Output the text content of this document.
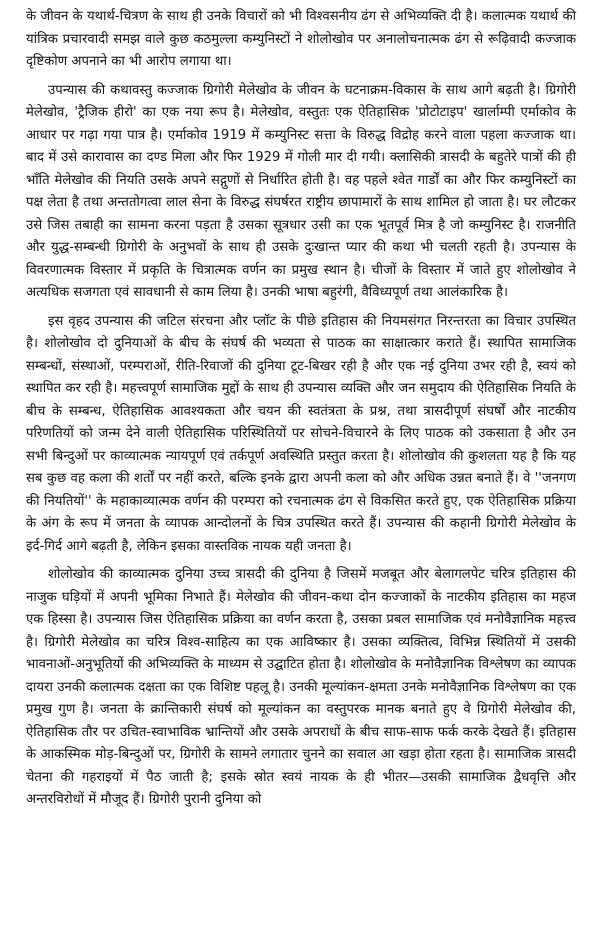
के जीवन के यथार्थ-चित्रण के साथ ही उनके विचारों को भी विश्वसनीय ढंग से अभिव्यक्ति दी है। कलात्मक यथार्थ की यांत्रिक प्रचारवादी समझ वाले कुछ कठमुल्ला कम्युनिस्टों ने शोलोखोव पर अनालोचनात्मक ढंग से रूढ़िवादी कज्जाक दृष्टिकोण अपनाने का भी आरोप लगाया था।

उपन्यास की कथावस्तु कज्जाक ग्रिगोरी मेलेखोव के जीवन के घटनाक्रम-विकास के साथ आगे बढ़ती है। ग्रिगोरी मेलेखोव, 'ट्रैजिक हीरो' का एक नया रूप है। मेलेखोव, वस्तुतः एक ऐतिहासिक 'प्रोटोटाइप' खार्लाम्पी एर्माकोव के आधार पर गढ़ा गया पात्र है। एर्माकोव 1919 में कम्युनिस्ट सत्ता के विरुद्ध विद्रोह करने वाला पहला कज्जाक था। बाद में उसे कारावास का दण्ड मिला और फिर 1929 में गोली मार दी गयी। क्लासिकी त्रासदी के बहुतेरे पात्रों की ही भाँति मेलेखोव की नियति उसके अपने सद्गुणों से निर्धारित होती है। वह पहले श्वेत गार्डों का और फिर कम्युनिस्टों का पक्ष लेता है तथा अन्ततोगत्वा लाल सेना के विरुद्ध संघर्षरत राष्ट्रीय छापामारों के साथ शामिल हो जाता है। घर लौटकर उसे जिस तबाही का सामना करना पड़ता है उसका सूत्रधार उसी का एक भूतपूर्व मित्र है जो कम्युनिस्ट है। राजनीति और युद्ध-सम्बन्धी ग्रिगोरी के अनुभवों के साथ ही उसके दुःखान्त प्यार की कथा भी चलती रहती है। उपन्यास के विवरणात्मक विस्तार में प्रकृति के चित्रात्मक वर्णन का प्रमुख स्थान है। चीजों के विस्तार में जाते हुए शोलोखोव ने अत्यधिक सजगता एवं सावधानी से काम लिया है। उनकी भाषा बहुरंगी, वैविध्यपूर्ण तथा आलंकारिक है।

इस वृहद उपन्यास की जटिल संरचना और प्लॉट के पीछे इतिहास की नियमसंगत निरन्तरता का विचार उपस्थित है। शोलोखोव दो दुनियाओं के बीच के संघर्ष की भव्यता से पाठक का साक्षात्कार कराते हैं। स्थापित सामाजिक सम्बन्धों, संस्थाओं, परम्पराओं, रीति-रिवाजों की दुनिया टूट-बिखर रही है और एक नई दुनिया उभर रही है, स्वयं को स्थापित कर रही है। महत्त्वपूर्ण सामाजिक मुद्दों के साथ ही उपन्यास व्यक्ति और जन समुदाय की ऐतिहासिक नियति के बीच के सम्बन्ध, ऐतिहासिक आवश्यकता और चयन की स्वतंत्रता के प्रश्न, तथा त्रासदीपूर्ण संघर्षों और नाटकीय परिणतियों को जन्म देने वाली ऐतिहासिक परिस्थितियों पर सोचने-विचारने के लिए पाठक को उकसाता है और उन सभी बिन्दुओं पर काव्यात्मक न्यायपूर्ण एवं तर्कपूर्ण अवस्थिति प्रस्तुत करता है। शोलोखोव की कुशलता यह है कि यह सब कुछ वह कला की शर्तों पर नहीं करते, बल्कि इनके द्वारा अपनी कला को और अधिक उन्नत बनाते हैं। वे ''जनगण की नियतियों'' के महाकाव्यात्मक वर्णन की परम्परा को रचनात्मक ढंग से विकसित करते हुए, एक ऐतिहासिक प्रक्रिया के अंग के रूप में जनता के व्यापक आन्दोलनों के चित्र उपस्थित करते हैं। उपन्यास की कहानी ग्रिगोरी मेलेखोव के इर्द-गिर्द आगे बढ़ती है, लेकिन इसका वास्तविक नायक यही जनता है।

शोलोखोव की काव्यात्मक दुनिया उच्च त्रासदी की दुनिया है जिसमें मजबूत और बेलागलपेट चरित्र इतिहास की नाजुक घड़ियों में अपनी भूमिका निभाते हैं। मेलेखोव की जीवन-कथा दोन कज्जाकों के नाटकीय इतिहास का महज एक हिस्सा है। उपन्यास जिस ऐतिहासिक प्रक्रिया का वर्णन करता है, उसका प्रबल सामाजिक एवं मनोवैज्ञानिक महत्त्व है। ग्रिगोरी मेलेखोव का चरित्र विश्व-साहित्य का एक आविष्कार है। उसका व्यक्तित्व, विभिन्न स्थितियों में उसकी भावनाओं-अनुभूतियों की अभिव्यक्ति के माध्यम से उद्घाटित होता है। शोलोखोव के मनोवैज्ञानिक विश्लेषण का व्यापक दायरा उनकी कलात्मक दक्षता का एक विशिष्ट पहलू है। उनकी मूल्यांकन-क्षमता उनके मनोवैज्ञानिक विश्लेषण का एक प्रमुख गुण है। जनता के क्रान्तिकारी संघर्ष को मूल्यांकन का वस्तुपरक मानक बनाते हुए वे ग्रिगोरी मेलेखोव की, ऐतिहासिक तौर पर उचित-स्वाभाविक भ्रान्तियों और उसके अपराधों के बीच साफ-साफ फर्क करके देखते हैं। इतिहास के आकस्मिक मोड़-बिन्दुओं पर, ग्रिगोरी के सामने लगातार चुनने का सवाल आ खड़ा होता रहता है। सामाजिक त्रासदी चेतना की गहराइयों में पैठ जाती है; इसके स्रोत स्वयं नायक के ही भीतर—उसकी सामाजिक द्वैधवृत्ति और अन्तरविरोधों में मौजूद हैं। ग्रिगोरी पुरानी दुनिया को
